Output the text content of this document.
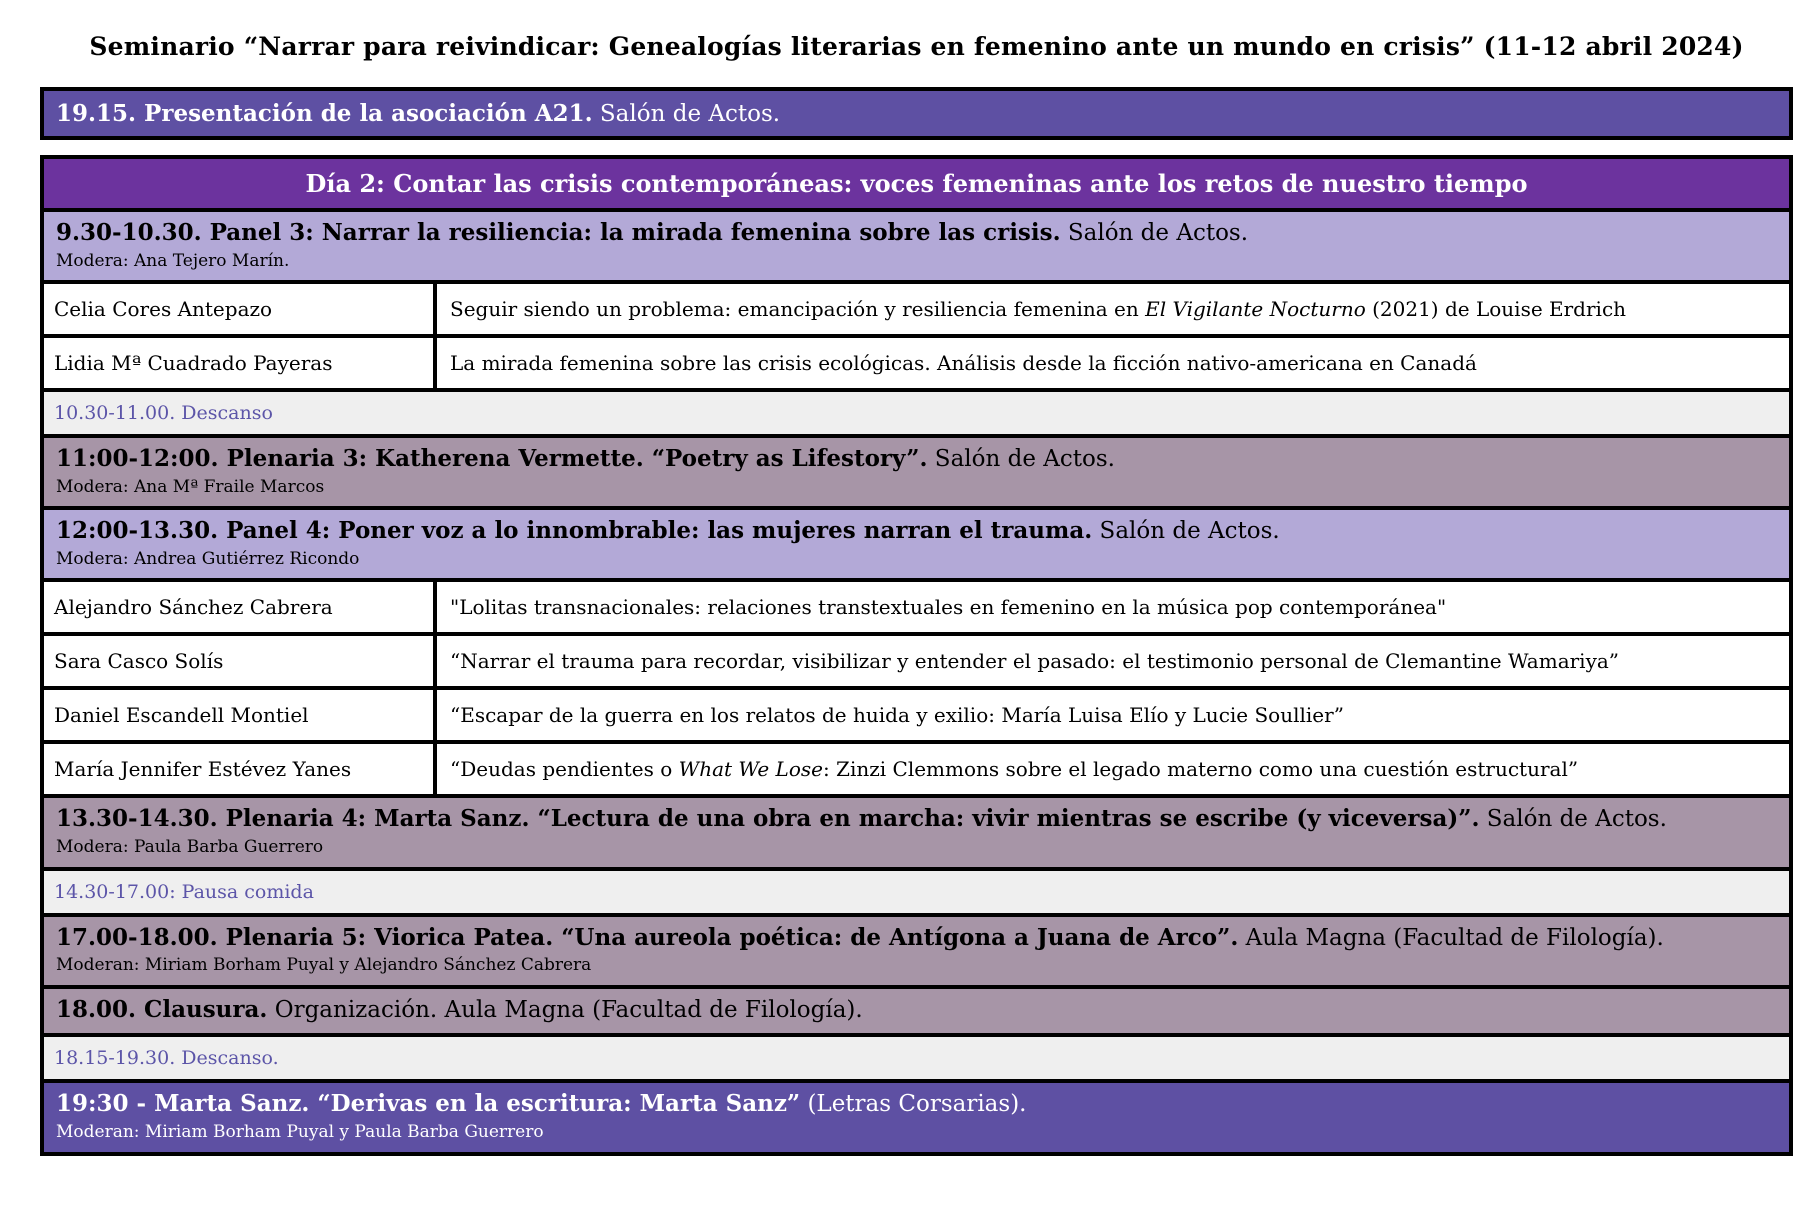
Seminario “Narrar para reivindicar: Genealogías literarias en femenino ante un mundo en crisis” (11-12 abril 2024)
19.15. Presentación de la asociación A21. Salón de Actos.
Día 2: Contar las crisis contemporáneas: voces femeninas ante los retos de nuestro tiempo
9.30-10.30. Panel 3: Narrar la resiliencia: la mirada femenina sobre las crisis. Salón de Actos.
Modera: Ana Tejero Marín.
Celia Cores Antepazo	Seguir siendo un problema: emancipación y resiliencia femenina en El Vigilante Nocturno (2021) de Louise Erdrich
Lidia Mª Cuadrado Payeras	La mirada femenina sobre las crisis ecológicas. Análisis desde la ficción nativo-americana en Canadá
10.30-11.00. Descanso
11:00-12:00. Plenaria 3: Katherena Vermette. “Poetry as Lifestory”. Salón de Actos.
Modera: Ana Mª Fraile Marcos
12:00-13.30. Panel 4: Poner voz a lo innombrable: las mujeres narran el trauma. Salón de Actos.
Modera: Andrea Gutiérrez Ricondo
Alejandro Sánchez Cabrera	"Lolitas transnacionales: relaciones transtextuales en femenino en la música pop contemporánea"
Sara Casco Solís	“Narrar el trauma para recordar, visibilizar y entender el pasado: el testimonio personal de Clemantine Wamariya”
Daniel Escandell Montiel	“Escapar de la guerra en los relatos de huida y exilio: María Luisa Elío y Lucie Soullier”
María Jennifer Estévez Yanes	“Deudas pendientes o What We Lose: Zinzi Clemmons sobre el legado materno como una cuestión estructural”
13.30-14.30. Plenaria 4: Marta Sanz. “Lectura de una obra en marcha: vivir mientras se escribe (y viceversa)”. Salón de Actos.
Modera: Paula Barba Guerrero
14.30-17.00: Pausa comida
17.00-18.00. Plenaria 5: Viorica Patea. “Una aureola poética: de Antígona a Juana de Arco”. Aula Magna (Facultad de Filología).
Moderan: Miriam Borham Puyal y Alejandro Sánchez Cabrera
18.00. Clausura. Organización. Aula Magna (Facultad de Filología).
18.15-19.30. Descanso.
19:30 - Marta Sanz. “Derivas en la escritura: Marta Sanz” (Letras Corsarias).
Moderan: Miriam Borham Puyal y Paula Barba Guerrero
